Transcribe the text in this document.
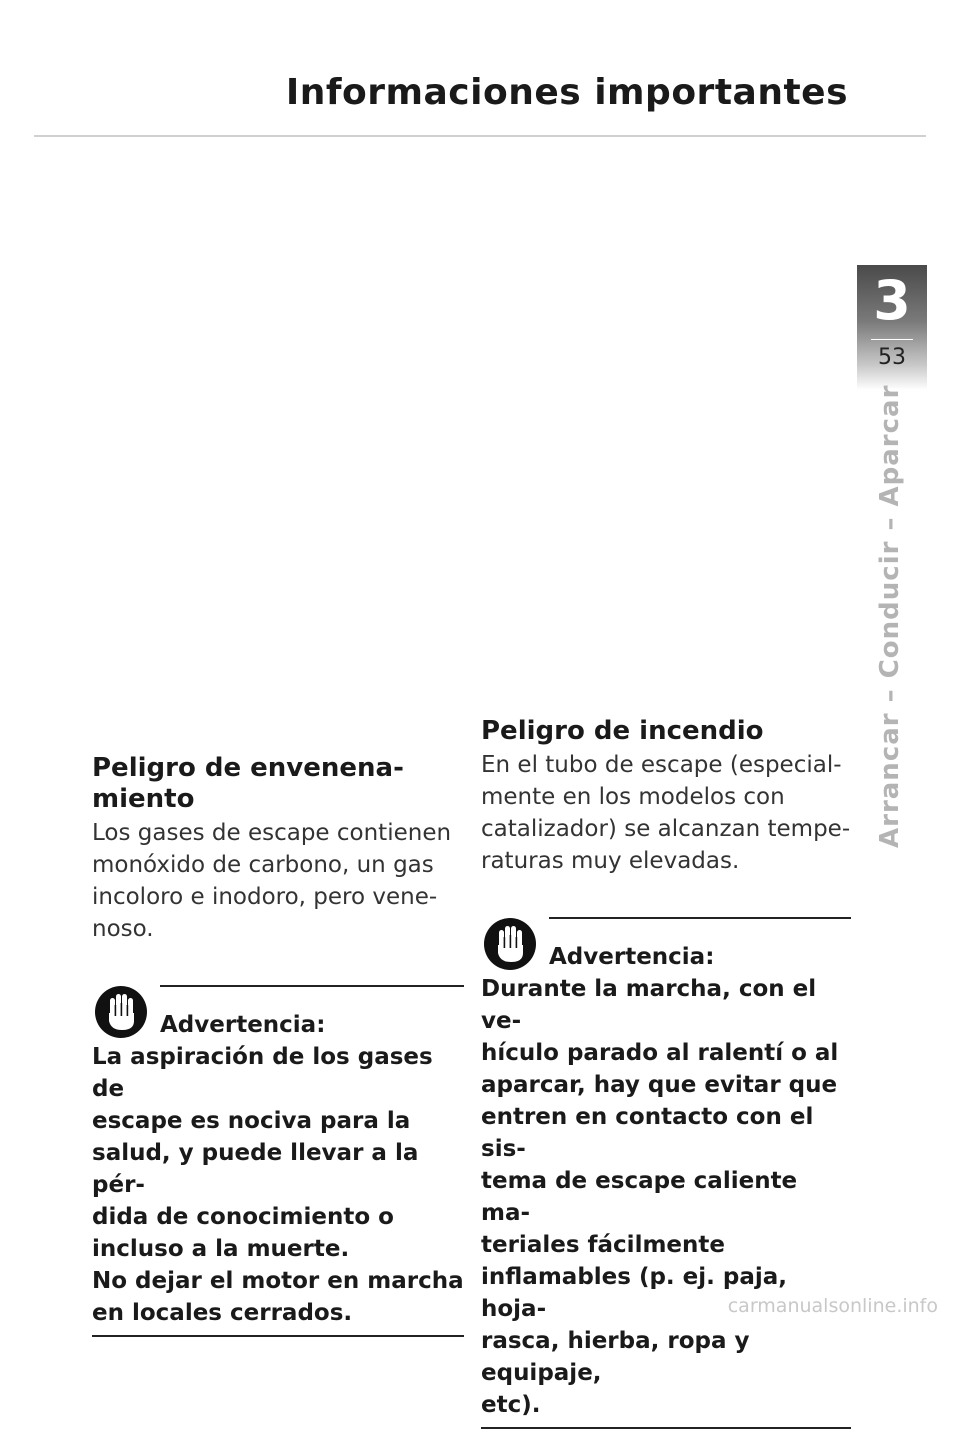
Informaciones importantes
3
53
Arrancar – Conducir – Aparcar
Peligro de envenena-
miento
Los gases de escape contienen
monóxido de carbono, un gas
incoloro e inodoro, pero vene-
noso.
Advertencia:
La aspiración de los gases de
escape es nociva para la
salud, y puede llevar a la pér-
dida de conocimiento o
incluso a la muerte.
No dejar el motor en marcha
en locales cerrados.
Peligro de incendio
En el tubo de escape (especial-
mente en los modelos con
catalizador) se alcanzan tempe-
raturas muy elevadas.
Advertencia:
Durante la marcha, con el ve-
hículo parado al ralentí o al
aparcar, hay que evitar que
entren en contacto con el sis-
tema de escape caliente ma-
teriales fácilmente
inflamables (p. ej. paja, hoja-
rasca, hierba, ropa y equipaje,
etc).
carmanualsonline.info
